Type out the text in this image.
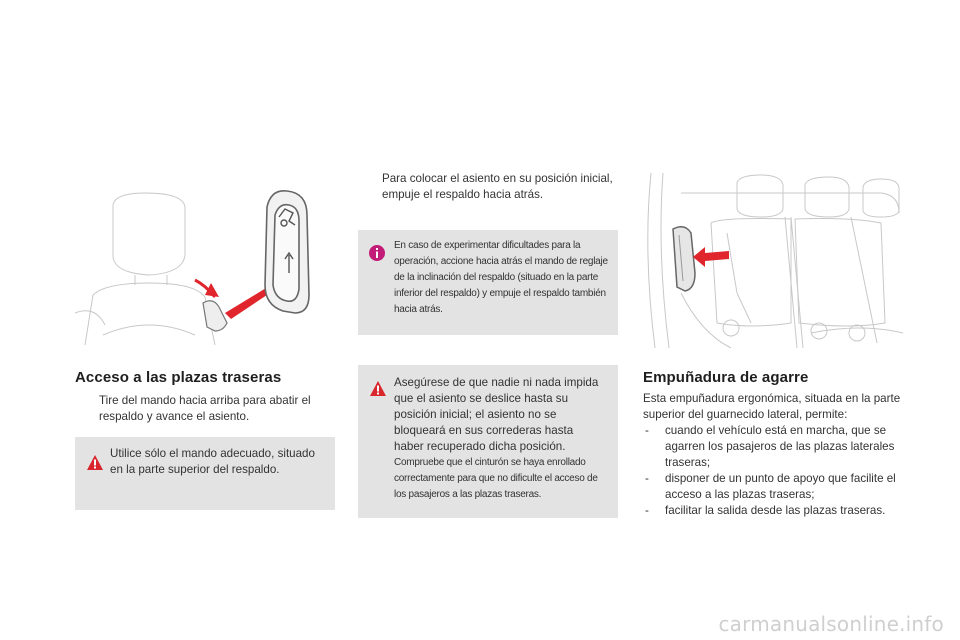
Acceso a las plazas traseras
Tire del mando hacia arriba para abatir el respaldo y avance el asiento.
Utilice sólo el mando adecuado, situado en la parte superior del respaldo.
Para colocar el asiento en su posición inicial, empuje el respaldo hacia atrás.
En caso de experimentar dificultades para la operación, accione hacia atrás el mando de reglaje de la inclinación del respaldo (situado en la parte inferior del respaldo) y empuje el respaldo también hacia atrás.
Asegúrese de que nadie ni nada impida que el asiento se deslice hasta su posición inicial; el asiento no se bloqueará en sus correderas hasta haber recuperado dicha posición.
Compruebe que el cinturón se haya enrollado correctamente para que no dificulte el acceso de los pasajeros a las plazas traseras.
Empuñadura de agarre
Esta empuñadura ergonómica, situada en la parte superior del guarnecido lateral, permite:
- cuando el vehículo está en marcha, que se agarren los pasajeros de las plazas laterales traseras;
- disponer de un punto de apoyo que facilite el acceso a las plazas traseras;
- facilitar la salida desde las plazas traseras.
carmanualsonline.info
